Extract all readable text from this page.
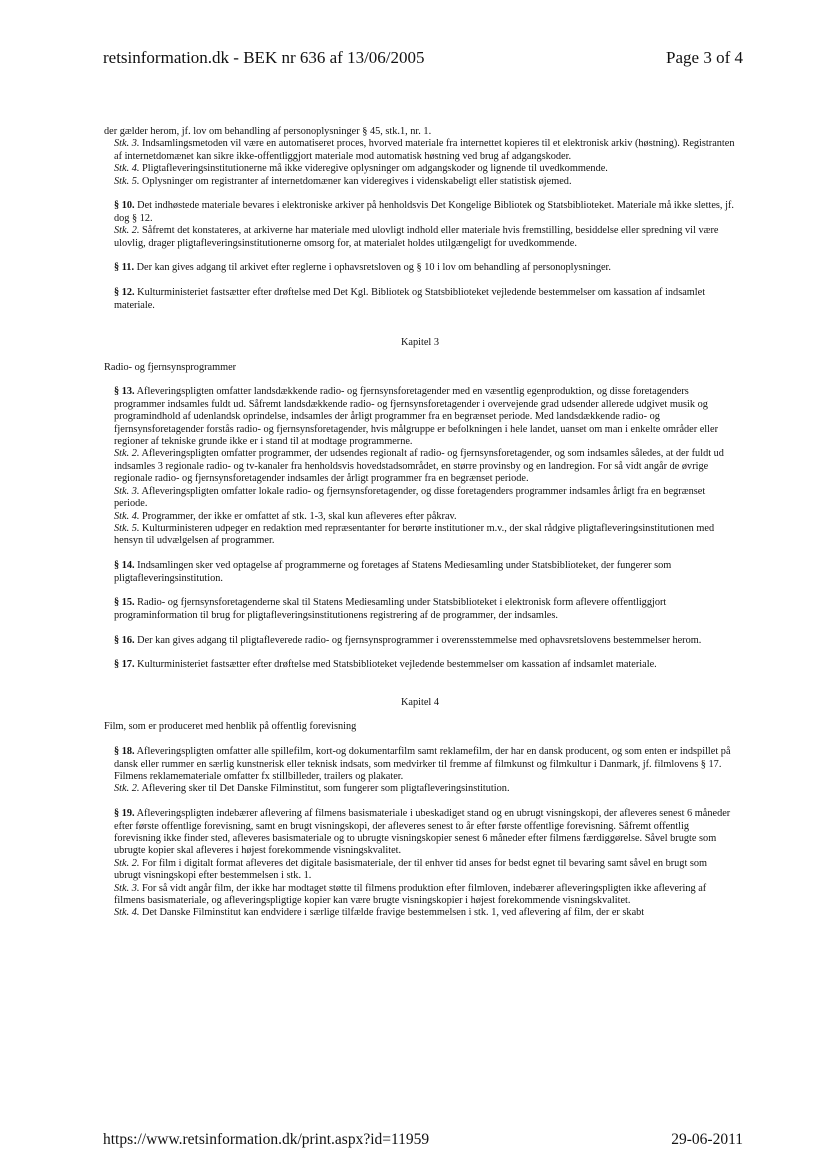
retsinformation.dk - BEK nr 636 af 13/06/2005	Page 3 of 4

der gælder herom, jf. lov om behandling af personoplysninger § 45, stk.1, nr. 1.

Stk. 3. Indsamlingsmetoden vil være en automatiseret proces, hvorved materiale fra internettet kopieres til et elektronisk arkiv (høstning). Registranten af internetdomænet kan sikre ikke-offentliggjort materiale mod automatisk høstning ved brug af adgangskoder.

Stk. 4. Pligtafleveringsinstitutionerne må ikke videregive oplysninger om adgangskoder og lignende til uvedkommende.

Stk. 5. Oplysninger om registranter af internetdomæner kan videregives i videnskabeligt eller statistisk øjemed.

§ 10. Det indhøstede materiale bevares i elektroniske arkiver på henholdsvis Det Kongelige Bibliotek og Statsbiblioteket. Materiale må ikke slettes, jf. dog § 12.

Stk. 2. Såfremt det konstateres, at arkiverne har materiale med ulovligt indhold eller materiale hvis fremstilling, besiddelse eller spredning vil være ulovlig, drager pligtafleveringsinstitutionerne omsorg for, at materialet holdes utilgængeligt for uvedkommende.

§ 11. Der kan gives adgang til arkivet efter reglerne i ophavsretsloven og § 10 i lov om behandling af personoplysninger.

§ 12. Kulturministeriet fastsætter efter drøftelse med Det Kgl. Bibliotek og Statsbiblioteket vejledende bestemmelser om kassation af indsamlet materiale.

Kapitel 3

Radio- og fjernsynsprogrammer

§ 13. Afleveringspligten omfatter landsdækkende radio- og fjernsynsforetagender med en væsentlig egenproduktion, og disse foretagenders programmer indsamles fuldt ud. Såfremt landsdækkende radio- og fjernsynsforetagender i overvejende grad udsender allerede udgivet musik og programindhold af udenlandsk oprindelse, indsamles der årligt programmer fra en begrænset periode. Med landsdækkende radio- og fjernsynsforetagender forstås radio- og fjernsynsforetagender, hvis målgruppe er befolkningen i hele landet, uanset om man i enkelte områder eller regioner af tekniske grunde ikke er i stand til at modtage programmerne.

Stk. 2. Afleveringspligten omfatter programmer, der udsendes regionalt af radio- og fjernsynsforetagender, og som indsamles således, at der fuldt ud indsamles 3 regionale radio- og tv-kanaler fra henholdsvis hovedstadsområdet, en større provinsby og en landregion. For så vidt angår de øvrige regionale radio- og fjernsynsforetagender indsamles der årligt programmer fra en begrænset periode.

Stk. 3. Afleveringspligten omfatter lokale radio- og fjernsynsforetagender, og disse foretagenders programmer indsamles årligt fra en begrænset periode.

Stk. 4. Programmer, der ikke er omfattet af stk. 1-3, skal kun afleveres efter påkrav.

Stk. 5. Kulturministeren udpeger en redaktion med repræsentanter for berørte institutioner m.v., der skal rådgive pligtafleveringsinstitutionen med hensyn til udvælgelsen af programmer.

§ 14. Indsamlingen sker ved optagelse af programmerne og foretages af Statens Mediesamling under Statsbiblioteket, der fungerer som pligtafleveringsinstitution.

§ 15. Radio- og fjernsynsforetagenderne skal til Statens Mediesamling under Statsbiblioteket i elektronisk form aflevere offentliggjort programinformation til brug for pligtafleveringsinstitutionens registrering af de programmer, der indsamles.

§ 16. Der kan gives adgang til pligtafleverede radio- og fjernsynsprogrammer i overensstemmelse med ophavsretslovens bestemmelser herom.

§ 17. Kulturministeriet fastsætter efter drøftelse med Statsbiblioteket vejledende bestemmelser om kassation af indsamlet materiale.

Kapitel 4

Film, som er produceret med henblik på offentlig forevisning

§ 18. Afleveringspligten omfatter alle spillefilm, kort-og dokumentarfilm samt reklamefilm, der har en dansk producent, og som enten er indspillet på dansk eller rummer en særlig kunstnerisk eller teknisk indsats, som medvirker til fremme af filmkunst og filmkultur i Danmark, jf. filmlovens § 17. Filmens reklamemateriale omfatter fx stillbilleder, trailers og plakater.

Stk. 2. Aflevering sker til Det Danske Filminstitut, som fungerer som pligtafleveringsinstitution.

§ 19. Afleveringspligten indebærer aflevering af filmens basismateriale i ubeskadiget stand og en ubrugt visningskopi, der afleveres senest 6 måneder efter første offentlige forevisning, samt en brugt visningskopi, der afleveres senest to år efter første offentlige forevisning. Såfremt offentlig forevisning ikke finder sted, afleveres basismateriale og to ubrugte visningskopier senest 6 måneder efter filmens færdiggørelse. Såvel brugte som ubrugte kopier skal afleveres i højest forekommende visningskvalitet.

Stk. 2. For film i digitalt format afleveres det digitale basismateriale, der til enhver tid anses for bedst egnet til bevaring samt såvel en brugt som ubrugt visningskopi efter bestemmelsen i stk. 1.

Stk. 3. For så vidt angår film, der ikke har modtaget støtte til filmens produktion efter filmloven, indebærer afleveringspligten ikke aflevering af filmens basismateriale, og afleveringspligtige kopier kan være brugte visningskopier i højest forekommende visningskvalitet.

Stk. 4. Det Danske Filminstitut kan endvidere i særlige tilfælde fravige bestemmelsen i stk. 1, ved aflevering af film, der er skabt

https://www.retsinformation.dk/print.aspx?id=11959	29-06-2011
